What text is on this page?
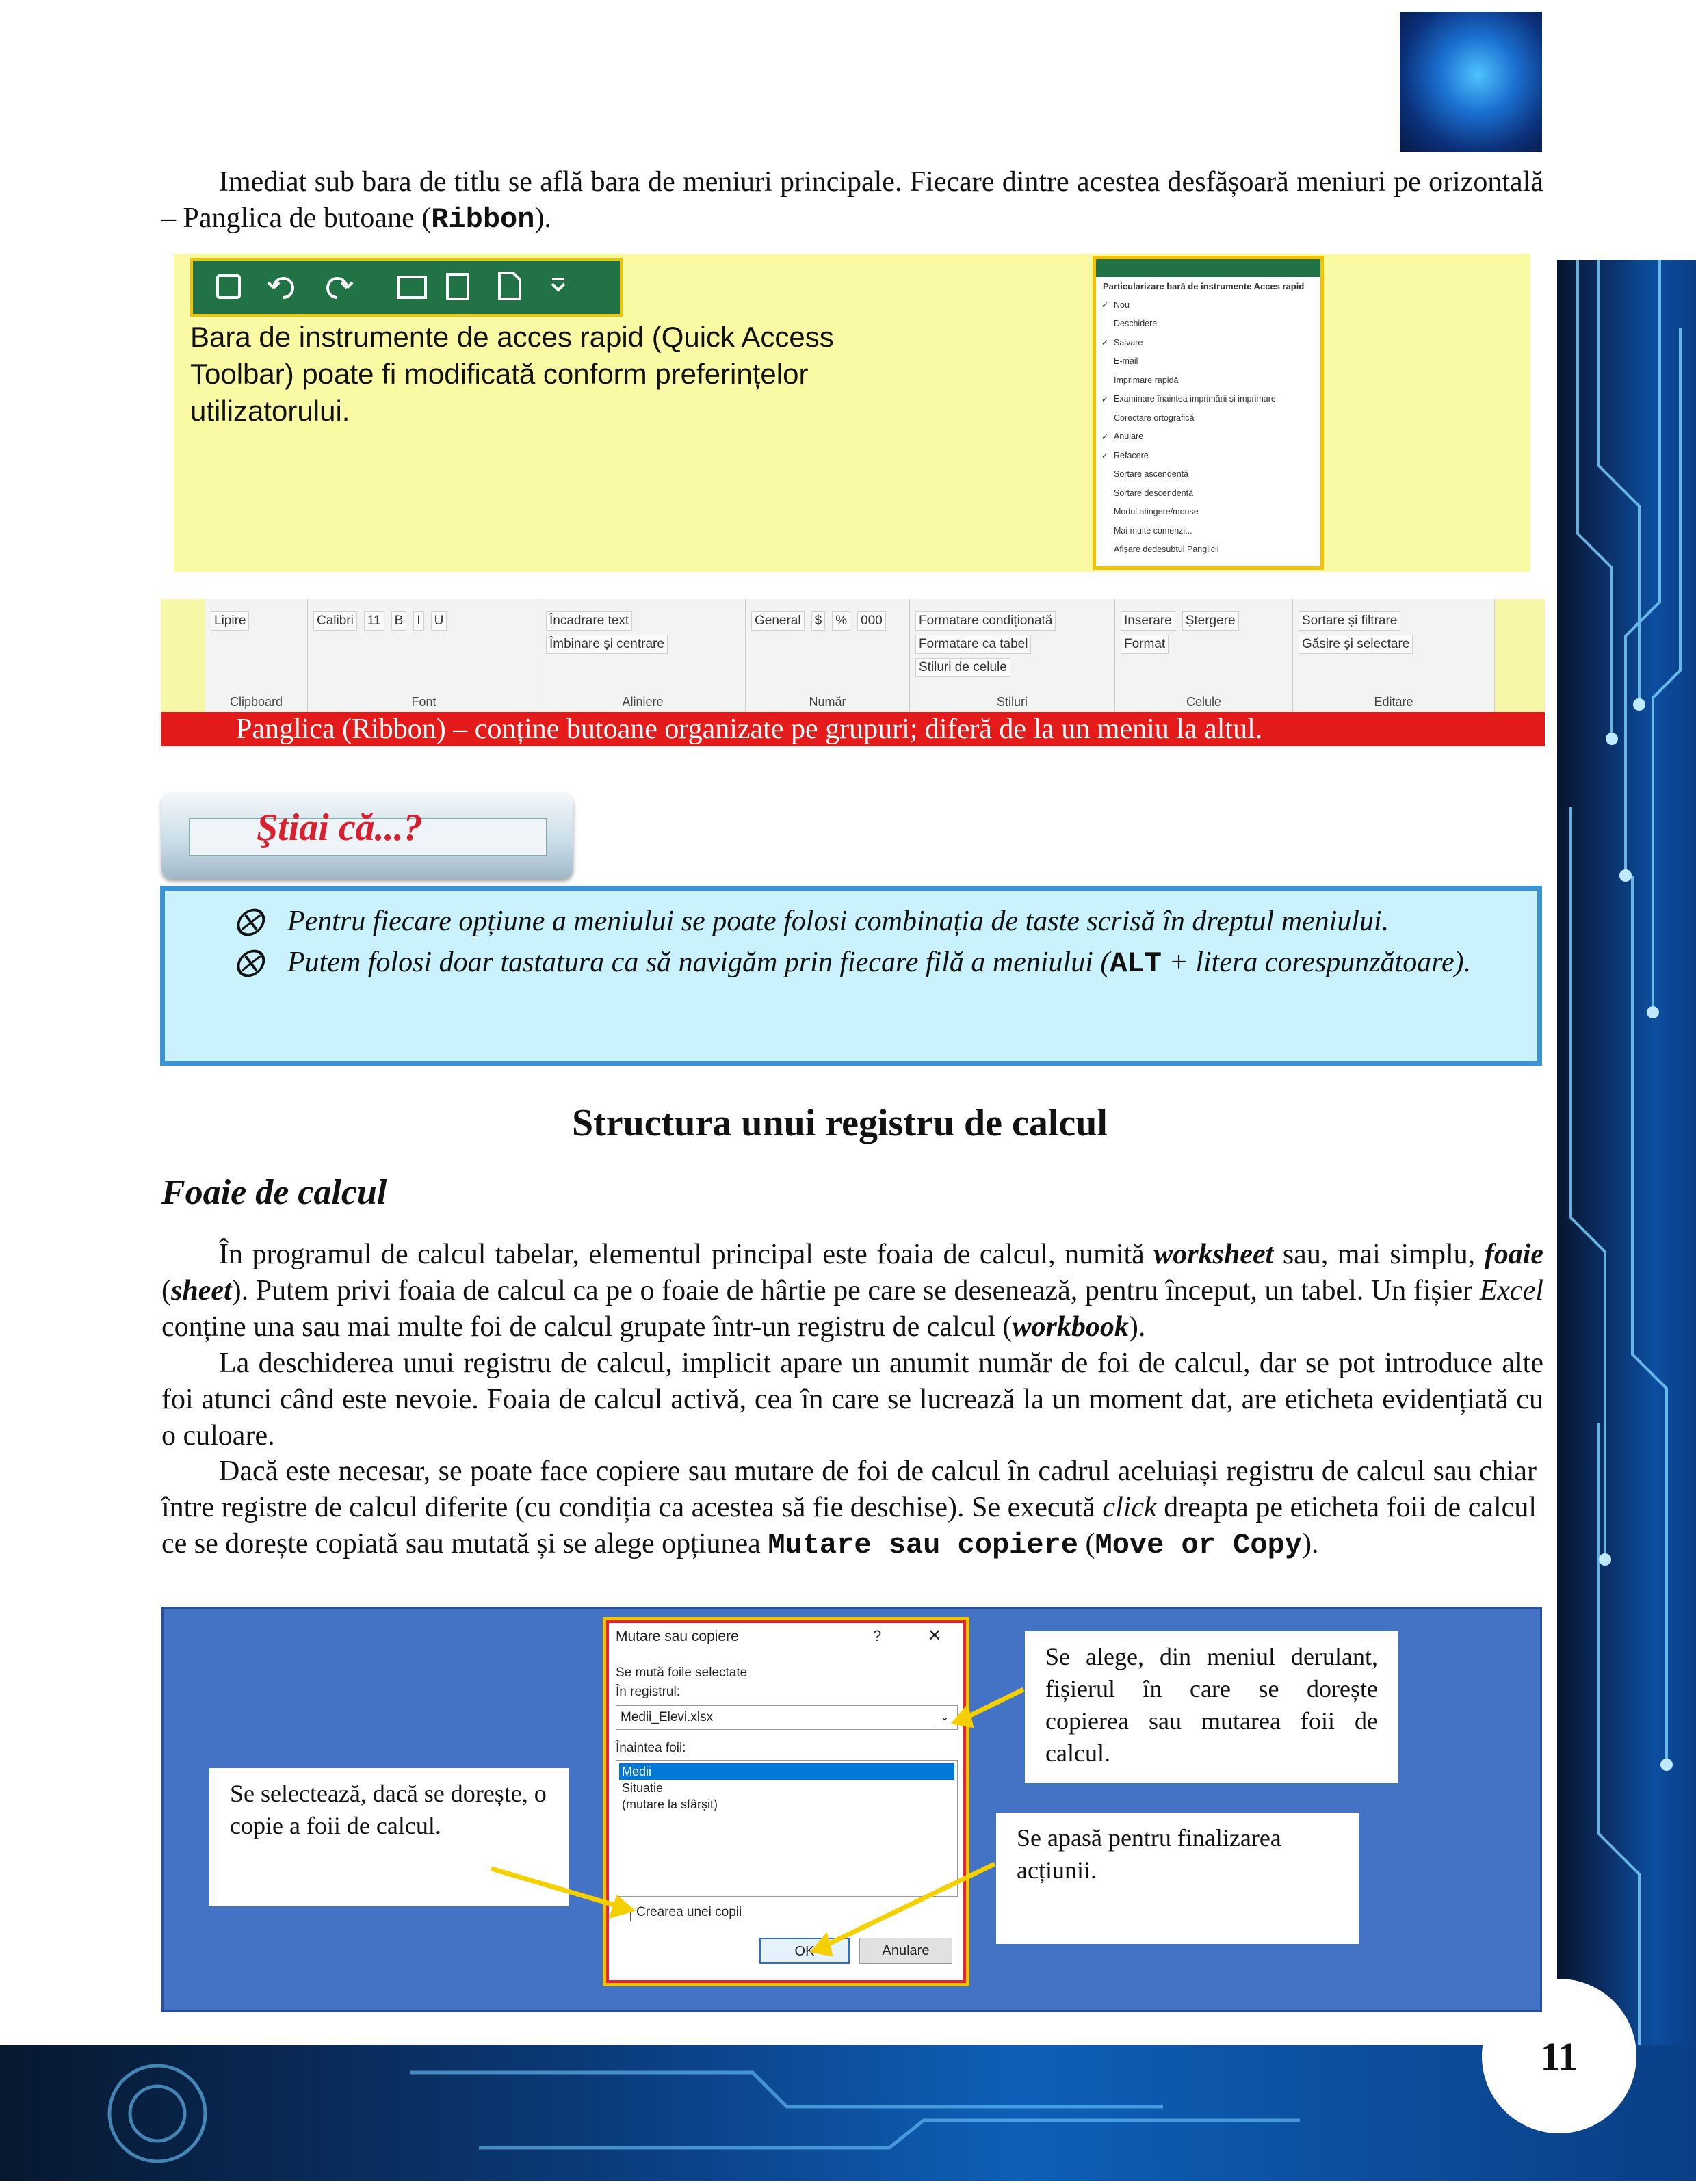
11

Imediat sub bara de titlu se află bara de meniuri principale. Fiecare dintre acestea desfășoară meniuri pe orizontală – Panglica de butoane (Ribbon).

Bara de instrumente de acces rapid (Quick Access Toolbar) poate fi modificată conform preferințelor utilizatorului.

Particularizare bară de instrumente Acces rapid
✓ Nou
Deschidere
✓ Salvare
E-mail
Imprimare rapidă
✓ Examinare înaintea imprimării și imprimare
Corectare ortografică
✓ Anulare
✓ Refacere
Sortare ascendentă
Sortare descendentă
Modul atingere/mouse
Mai multe comenzi...
Afișare dedesubtul Panglicii
Lipire
Clipboard
Calibri 11 B I U
Font
Încadrare text
Îmbinare și centrare
Aliniere
General $ % 000
Număr
Formatare condiționată
Formatare ca tabel
Stiluri de celule
Stiluri
Inserare Ștergere
Format
Celule
Sortare și filtrare
Găsire și selectare
Editare
Panglica (Ribbon) – conține butoane organizate pe grupuri; diferă de la un meniu la altul.
Ştiai că...?
⨂ Pentru fiecare opțiune a meniului se poate folosi combinația de taste scrisă în dreptul meniului.

⨂ Putem folosi doar tastatura ca să navigăm prin fiecare filă a meniului (ALT + litera corespunzătoare).

Structura unui registru de calcul
Foaie de calcul

În programul de calcul tabelar, elementul principal este foaia de calcul, numită worksheet sau, mai simplu, foaie (sheet). Putem privi foaia de calcul ca pe o foaie de hârtie pe care se desenează, pentru început, un tabel. Un fișier Excel conține una sau mai multe foi de calcul grupate într-un registru de calcul (workbook).

La deschiderea unui registru de calcul, implicit apare un anumit număr de foi de calcul, dar se pot introduce alte foi atunci când este nevoie. Foaia de calcul activă, cea în care se lucrează la un moment dat, are eticheta evidențiată cu o culoare.

Dacă este necesar, se poate face copiere sau mutare de foi de calcul în cadrul aceluiași registru de calcul sau chiar între registre de calcul diferite (cu condiția ca acestea să fie deschise). Se execută click dreapta pe eticheta foii de calcul ce se dorește copiată sau mutată și se alege opțiunea Mutare sau copiere (Move or Copy).

Mutare sau copiere	?	✕
Se mută foile selectate
În registrul:
Medii_Elevi.xlsx	⌄
Înaintea foii:
Medii
Situatie
(mutare la sfârșit)
Crearea unei copii
OK	Anulare

Se selectează, dacă se dorește, o copie a foii de calcul.

Se alege, din meniul derulant, fișierul în care se dorește copierea sau mutarea foii de calcul.

Se apasă pentru finalizarea acțiunii.
